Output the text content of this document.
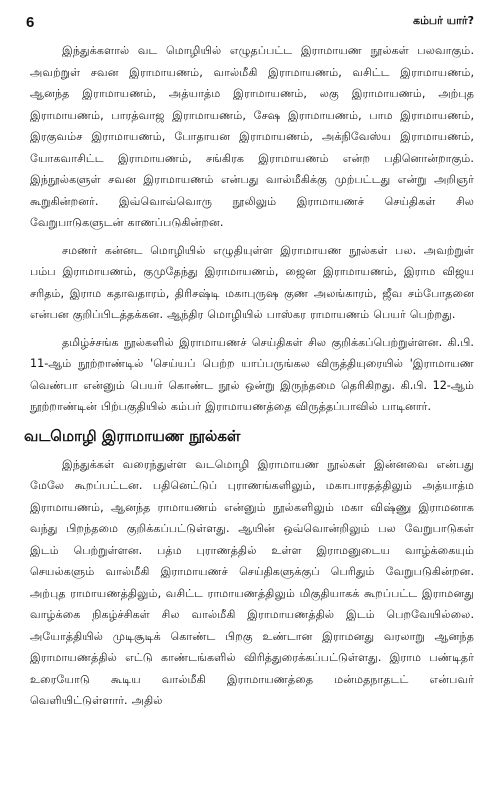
6	கம்பர் யார்?

இந்துக்களால் வட மொழியில் எழுதப்பட்ட இராமாயண நூல்கள் பலவாகும். அவற்றுள் சவன இராமாயணம், வால்மீகி இராமாயணம், வசிட்ட இராமாயணம், ஆனந்த இராமாயணம், அத்யாத்ம இராமாயணம், லகு இராமாயணம், அற்புத இராமாயணம், பாரத்வாஜ இராமாயணம், சேஷ இராமாயணம், பாம இராமாயணம், இரகுவம்ச இராமாயணம், போதாயன இராமாயணம், அக்நிவேஸ்ய இராமாயணம், யோகவாசிட்ட இராமாயணம், சங்கிரக இராமாயணம் என்ற பதினொன்றாகும். இந்நூல்களுள் சவன இராமாயணம் என்பது வால்மீகிக்கு முற்பட்டது என்று அறிஞர் கூறுகின்றனர். இவ்வொவ்வொரு நூலிலும் இராமாயணச் செய்திகள் சில வேறுபாடுகளுடன் காணப்படுகின்றன.

சமணர் கன்னட மொழியில் எழுதியுள்ள இராமாயண நூல்கள் பல. அவற்றுள் பம்ப இராமாயணம், குமுதேந்து இராமாயணம், ஜைன இராமாயணம், இராம விஜய சரிதம், இராம கதாவதாரம், திரிசஷ்டி மகாபுருஷ குண அலங்காரம், ஜீவ சம்போதனை என்பன குறிப்பிடத்தக்கன. ஆந்திர மொழியில் பாஸ்கர ராமாயணம் பெயர் பெற்றது.

தமிழ்ச்சங்க நூல்களில் இராமாயணச் செய்திகள் சில குறிக்கப்பெற்றுள்ளன. கி.பி. 11-ஆம் நூற்றாண்டில் 'செய்யப் பெற்ற யாப்பருங்கல விருத்தியுரையில் 'இராமாயண வெண்பா என்னும் பெயர் கொண்ட நூல் ஒன்று இருந்தமை தெரிகிறது. கி.பி. 12-ஆம் நூற்றாண்டின் பிற்பகுதியில் கம்பர் இராமாயணத்தை விருத்தப்பாவில் பாடினார்.

வடமொழி இராமாயண நூல்கள்

இந்துக்கள் வரைந்துள்ள வடமொழி இராமாயண நூல்கள் இன்னவை என்பது மேலே கூறப்பட்டன. பதினெட்டுப் புராணங்களிலும், மகாபாரதத்திலும் அத்யாத்ம இராமாயணம், ஆனந்த ராமாயணம் என்னும் நூல்களிலும் மகா விஷ்ணு இராமனாக வந்து பிறந்தமை குறிக்கப்பட்டுள்ளது. ஆயின் ஒவ்வொன்றிலும் பல வேறுபாடுகள் இடம் பெற்றுள்ளன. பத்ம புராணத்தில் உள்ள இராமனுடைய வாழ்க்கையும் செயல்களும் வால்மீகி இராமாயணச் செய்திகளுக்குப் பெரிதும் வேறுபடுகின்றன. அற்புத ராமாயணத்திலும், வசிட்ட ராமாயணத்திலும் மிகுதியாகக் கூறப்பட்ட இராமனது வாழ்க்கை நிகழ்ச்சிகள் சில வால்மீகி இராமாயணத்தில் இடம் பெறவேயில்லை. அயோத்தியில் முடிசூடிக் கொண்ட பிறகு உண்டான இராமனது வரலாறு ஆனந்த இராமாயணத்தில் எட்டு காண்டங்களில் விரித்துரைக்கப்பட்டுள்ளது. இராம பண்டிதர் உரையோடு கூடிய வால்மீகி இராமாயணத்தை மன்மதநாதடட் என்பவர் வெளியிட்டுள்ளார். அதில்
